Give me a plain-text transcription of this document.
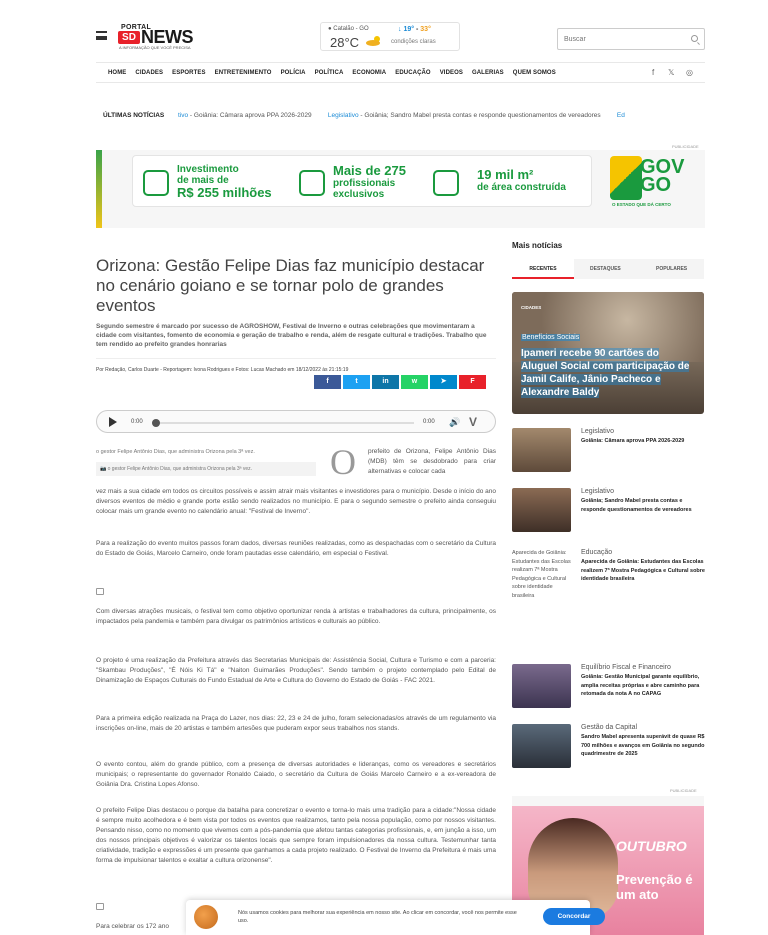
PORTAL
SD NEWS
A INFORMAÇÃO QUE VOCÊ PRECISA
● Catalão - GO
28°C
↓ 19° - 33°
condições claras
Buscar
HOME CIDADES ESPORTES ENTRETENIMENTO POLÍCIA POLÍTICA ECONOMIA EDUCAÇÃO VIDEOS GALERIAS QUEM SOMOS	f 𝕏 ◎
ÚLTIMAS NOTÍCIAS tivo - Goiânia: Câmara aprova PPA 2026-2029	Legislativo - Goiânia; Sandro Mabel presta contas e responde questionamentos de vereadores	Ed
PUBLICIDADE
Investimento
de mais de
R$ 255 milhões
Mais de 275
profissionais
exclusivos
19 mil m²
de área construída
GOV GO
O ESTADO QUE DÁ CERTO
Orizona: Gestão Felipe Dias faz município destacar no cenário goiano e se tornar polo de grandes eventos

Segundo semestre é marcado por sucesso de AGROSHOW, Festival de Inverno e outras celebrações que movimentaram a cidade com visitantes, fomento de economia e geração de trabalho e renda, além de resgate cultural e tradições. Trabalho que tem rendido ao prefeito grandes honrarias

Por Redação, Carlos Duarte - Reportagem: Ivona Rodrigues e Fotos: Lucas Machado em 18/12/2022 às 21:15:19

f	t	in	w	➤	F
0:00	0:00 🔊 V
o gestor Felipe Antônio Dias, que administra Orizona pela 3ª vez.
📷 o gestor Felipe Antônio Dias, que administra Orizona pela 3ª vez.	O prefeito de Orizona, Felipe Antônio Dias (MDB) têm se desdobrado para criar alternativas e colocar cada

vez mais a sua cidade em todos os circuitos possíveis e assim atrair mais visitantes e investidores para o município. Desde o início do ano diversos eventos de médio e grande porte estão sendo realizados no município. E para o segundo semestre o prefeito ainda conseguiu colocar mais um grande evento no calendário anual: "Festival de Inverno".

Para a realização do evento muitos passos foram dados, diversas reuniões realizadas, como as despachadas com o secretário da Cultura do Estado de Goiás, Marcelo Carneiro, onde foram pautadas esse calendário, em especial o Festival.

Com diversas atrações musicais, o festival tem como objetivo oportunizar renda à artistas e trabalhadores da cultura, principalmente, os impactados pela pandemia e também para divulgar os patrimônios artísticos e culturais ao público.

O projeto é uma realização da Prefeitura através das Secretarias Municipais de: Assistência Social, Cultura e Turismo e com a parceria: "Skambau Produções", "É Nóis Ki Tá" e "Naiton Guimarães Produções". Sendo também o projeto contemplado pelo Edital de Dinamização de Espaços Culturais do Fundo Estadual de Arte e Cultura do Governo do Estado de Goiás - FAC 2021.

Para a primeira edição realizada na Praça do Lazer, nos dias: 22, 23 e 24 de julho, foram selecionadas/os através de um regulamento via inscrições on-line, mais de 20 artistas e também artesões que puderam expor seus trabalhos nos stands.

O evento contou, além do grande público, com a presença de diversas autoridades e lideranças, como os vereadores e secretários municipais; o representante do governador Ronaldo Caiado, o secretário da Cultura de Goiás Marcelo Carneiro e a ex-vereadora de Goiânia Dra. Cristina Lopes Afonso.

O prefeito Felipe Dias destacou o porque da batalha para concretizar o evento e torna-lo mais uma tradição para a cidade:"Nossa cidade é sempre muito acolhedora e é bem vista por todos os eventos que realizamos, tanto pela nossa população, como por nossos visitantes. Pensando nisso, como no momento que vivemos com a pós-pandemia que afetou tantas categorias profissionais, e, em junção a isso, um dos nossos principais objetivos é valorizar os talentos locais que sempre foram impulsionadores da nossa cultura. Testemunhar tanta criatividade, tradição e expressões é um presente que ganhamos a cada projeto realizado. O Festival de Inverno da Prefeitura é mais uma forma de impulsionar talentos e exaltar a cultura orizonense".

Para celebrar os 172 ano

Mais notícias
RECENTES	DESTAQUES	POPULARES
CIDADES
Benefícios Sociais
Ipameri recebe 90 cartões do Aluguel Social com participação de Jamil Calife, Jânio Pacheco e Alexandre Baldy
Legislativo
Goiânia: Câmara aprova PPA 2026-2029
Legislativo
Goiânia; Sandro Mabel presta contas e responde questionamentos de vereadores
Aparecida de Goiânia: Estudantes das Escolas realizam 7ª Mostra Pedagógica e Cultural sobre identidade brasileira
Educação
Aparecida de Goiânia: Estudantes das Escolas realizem 7ª Mostra Pedagógica e Cultural sobre identidade brasileira
Equilíbrio Fiscal e Financeiro
Goiânia: Gestão Municipal garante equilíbrio, amplia receitas próprias e abre caminho para retomada da nota A no CAPAG
Gestão da Capital
Sandro Mabel apresenta superávit de quase R$ 700 milhões e avanços em Goiânia no segundo quadrimestre de 2025
PUBLICIDADE
OUTUBRO
Prevenção é um ato

Nós usamos cookies para melhorar sua experiência em nosso site. Ao clicar em concordar, você nos permite esse uso.

Concordar
